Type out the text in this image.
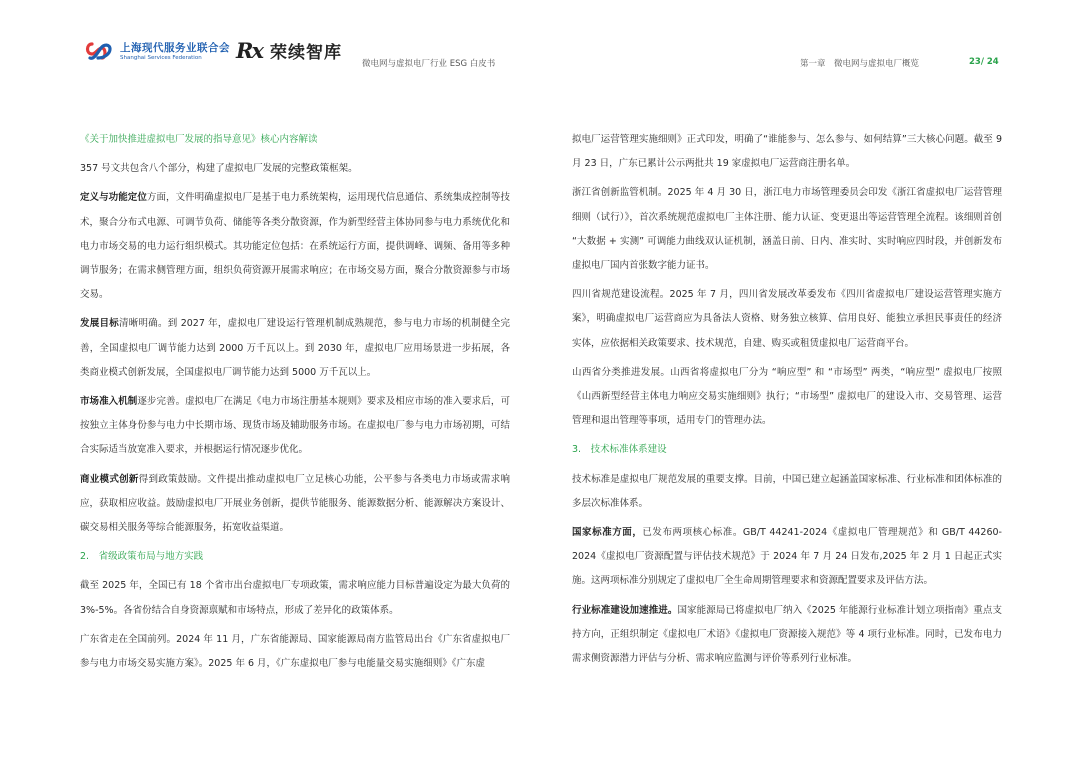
上海现代服务业联合会
Shanghai Services Federation	Rx 荣续智库
微电网与虚拟电厂行业 ESG 白皮书	第一章　微电网与虚拟电厂概览	23/ 24

《关于加快推进虚拟电厂发展的指导意见》核心内容解读

357 号文共包含八个部分，构建了虚拟电厂发展的完整政策框架。

定义与功能定位方面，文件明确虚拟电厂是基于电力系统架构，运用现代信息通信、系统集成控制等技术，聚合分布式电源、可调节负荷、储能等各类分散资源，作为新型经营主体协同参与电力系统优化和电力市场交易的电力运行组织模式。其功能定位包括：在系统运行方面，提供调峰、调频、备用等多种调节服务；在需求侧管理方面，组织负荷资源开展需求响应；在市场交易方面，聚合分散资源参与市场交易。

发展目标清晰明确。到 2027 年，虚拟电厂建设运行管理机制成熟规范，参与电力市场的机制健全完善，全国虚拟电厂调节能力达到 2000 万千瓦以上。到 2030 年，虚拟电厂应用场景进一步拓展，各类商业模式创新发展，全国虚拟电厂调节能力达到 5000 万千瓦以上。

市场准入机制逐步完善。虚拟电厂在满足《电力市场注册基本规则》要求及相应市场的准入要求后，可按独立主体身份参与电力中长期市场、现货市场及辅助服务市场。在虚拟电厂参与电力市场初期，可结合实际适当放宽准入要求，并根据运行情况逐步优化。

商业模式创新得到政策鼓励。文件提出推动虚拟电厂立足核心功能，公平参与各类电力市场或需求响应，获取相应收益。鼓励虚拟电厂开展业务创新，提供节能服务、能源数据分析、能源解决方案设计、碳交易相关服务等综合能源服务，拓宽收益渠道。

2.　省级政策布局与地方实践

截至 2025 年，全国已有 18 个省市出台虚拟电厂专项政策，需求响应能力目标普遍设定为最大负荷的 3%-5%。各省份结合自身资源禀赋和市场特点，形成了差异化的政策体系。

广东省走在全国前列。2024 年 11 月，广东省能源局、国家能源局南方监管局出台《广东省虚拟电厂参与电力市场交易实施方案》。2025 年 6 月，《广东虚拟电厂参与电能量交易实施细则》《广东虚

拟电厂运营管理实施细则》正式印发，明确了“谁能参与、怎么参与、如何结算”三大核心问题。截至 9 月 23 日，广东已累计公示两批共 19 家虚拟电厂运营商注册名单。

浙江省创新监管机制。2025 年 4 月 30 日，浙江电力市场管理委员会印发《浙江省虚拟电厂运营管理细则（试行）》，首次系统规范虚拟电厂主体注册、能力认证、变更退出等运营管理全流程。该细则首创 “大数据 + 实测” 可调能力曲线双认证机制，涵盖日前、日内、准实时、实时响应四时段，并创新发布虚拟电厂国内首张数字能力证书。

四川省规范建设流程。2025 年 7 月，四川省发展改革委发布《四川省虚拟电厂建设运营管理实施方案》，明确虚拟电厂运营商应为具备法人资格、财务独立核算、信用良好、能独立承担民事责任的经济实体，应依据相关政策要求、技术规范，自建、购买或租赁虚拟电厂运营商平台。

山西省分类推进发展。山西省将虚拟电厂分为 “响应型” 和 “市场型” 两类，“响应型” 虚拟电厂按照《山西新型经营主体电力响应交易实施细则》执行；“市场型” 虚拟电厂的建设入市、交易管理、运营管理和退出管理等事项，适用专门的管理办法。

3.　技术标准体系建设

技术标准是虚拟电厂规范发展的重要支撑。目前，中国已建立起涵盖国家标准、行业标准和团体标准的多层次标准体系。

国家标准方面，已发布两项核心标准。GB/T 44241-2024《虚拟电厂管理规范》和 GB/T 44260-2024《虚拟电厂资源配置与评估技术规范》于 2024 年 7 月 24 日发布,2025 年 2 月 1 日起正式实施。这两项标准分别规定了虚拟电厂全生命周期管理要求和资源配置要求及评估方法。

行业标准建设加速推进。国家能源局已将虚拟电厂纳入《2025 年能源行业标准计划立项指南》重点支持方向，正组织制定《虚拟电厂术语》《虚拟电厂资源接入规范》等 4 项行业标准。同时，已发布电力需求侧资源潜力评估与分析、需求响应监测与评价等系列行业标准。
